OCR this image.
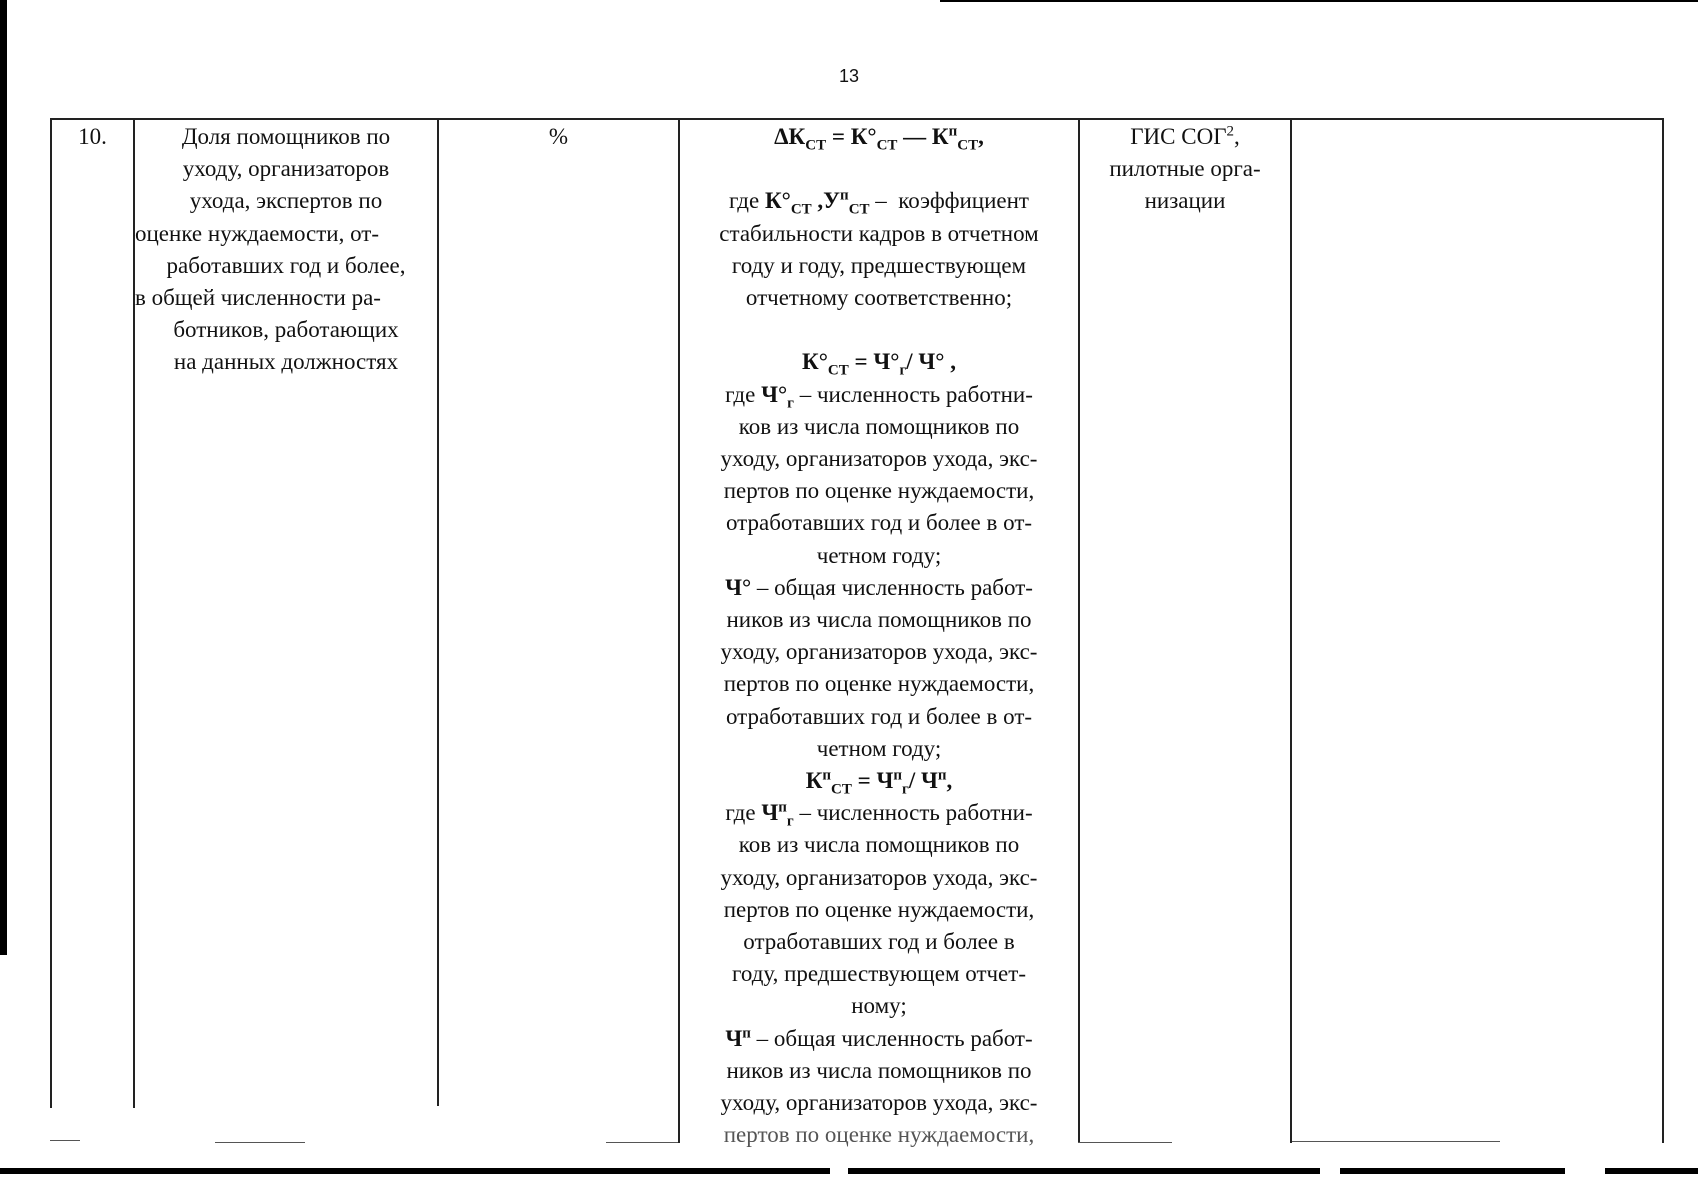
13
10.	Доля помощников по
уходу, организаторов
ухода, экспертов по
оценке нуждаемости, от-
работавших год и более,
в общей численности ра-
ботников, работающих
на данных должностях
%	$\Delta К_{СТ} = К^\circ_{СТ}$ — $К^п_{СТ}$,
где $К^\circ_{СТ}$ $,У^п_{СТ}$ –  коэффициент
стабильности кадров в отчетном
году и году, предшествующем
отчетному соответственно;
$К^\circ_{СТ} = Ч^\circ_г/$ Ч° ,
где $Ч^\circ_г$ – численность работни-
ков из числа помощников по
уходу, организаторов ухода, экс-
пертов по оценке нуждаемости,
отработавших год и более в от-
четном году;
Ч° – общая численность работ-
ников из числа помощников по
уходу, организаторов ухода, экс-
пертов по оценке нуждаемости,
отработавших год и более в от-
четном году;
$К^п_{СТ} = Ч^п_г/$ $Ч^п$,
где $Ч^п_г$ – численность работни-
ков из числа помощников по
уходу, организаторов ухода, экс-
пертов по оценке нуждаемости,
отработавших год и более в
году, предшествующем отчет-
ному;
$Ч^п$ – общая численность работ-
ников из числа помощников по
уходу, организаторов ухода, экс-
пертов по оценке нуждаемости,
ГИС СОГ$^2$,
пилотные орга-
низации
